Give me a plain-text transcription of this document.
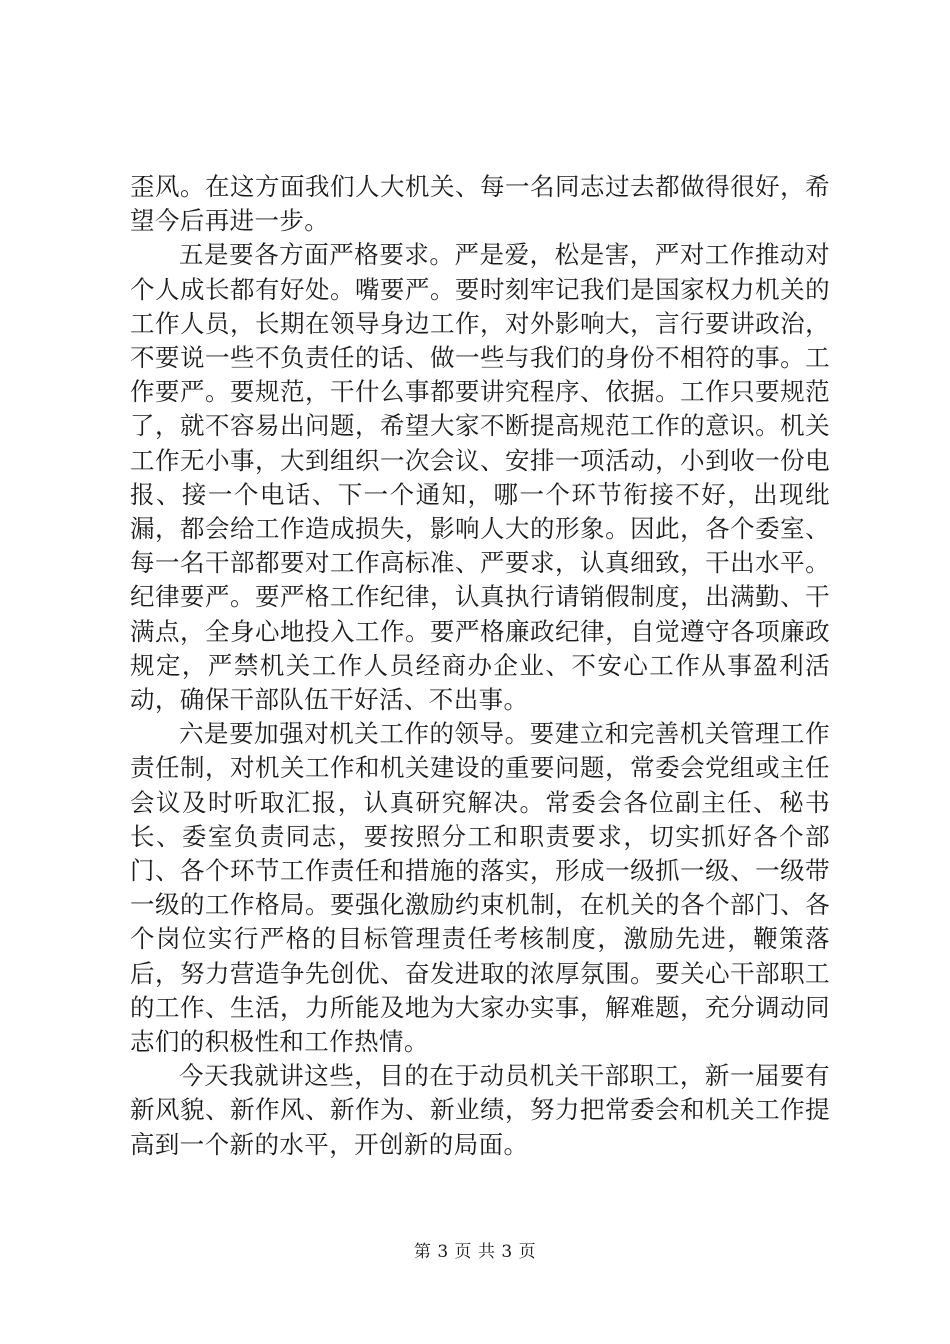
歪风。在这方面我们人大机关、每一名同志过去都做得很好，希望今后再进一步。

五是要各方面严格要求。严是爱，松是害，严对工作推动对个人成长都有好处。嘴要严。要时刻牢记我们是国家权力机关的工作人员，长期在领导身边工作，对外影响大，言行要讲政治，不要说一些不负责任的话、做一些与我们的身份不相符的事。工作要严。要规范，干什么事都要讲究程序、依据。工作只要规范了，就不容易出问题，希望大家不断提高规范工作的意识。机关工作无小事，大到组织一次会议、安排一项活动，小到收一份电报、接一个电话、下一个通知，哪一个环节衔接不好，出现纰漏，都会给工作造成损失，影响人大的形象。因此，各个委室、每一名干部都要对工作高标准、严要求，认真细致，干出水平。纪律要严。要严格工作纪律，认真执行请销假制度，出满勤、干满点，全身心地投入工作。要严格廉政纪律，自觉遵守各项廉政规定，严禁机关工作人员经商办企业、不安心工作从事盈利活动，确保干部队伍干好活、不出事。

六是要加强对机关工作的领导。要建立和完善机关管理工作责任制，对机关工作和机关建设的重要问题，常委会党组或主任会议及时听取汇报，认真研究解决。常委会各位副主任、秘书长、委室负责同志，要按照分工和职责要求，切实抓好各个部门、各个环节工作责任和措施的落实，形成一级抓一级、一级带一级的工作格局。要强化激励约束机制，在机关的各个部门、各个岗位实行严格的目标管理责任考核制度，激励先进，鞭策落后，努力营造争先创优、奋发进取的浓厚氛围。要关心干部职工的工作、生活，力所能及地为大家办实事，解难题，充分调动同志们的积极性和工作热情。

今天我就讲这些，目的在于动员机关干部职工，新一届要有新风貌、新作风、新作为、新业绩，努力把常委会和机关工作提高到一个新的水平，开创新的局面。

第 3 页 共 3 页
